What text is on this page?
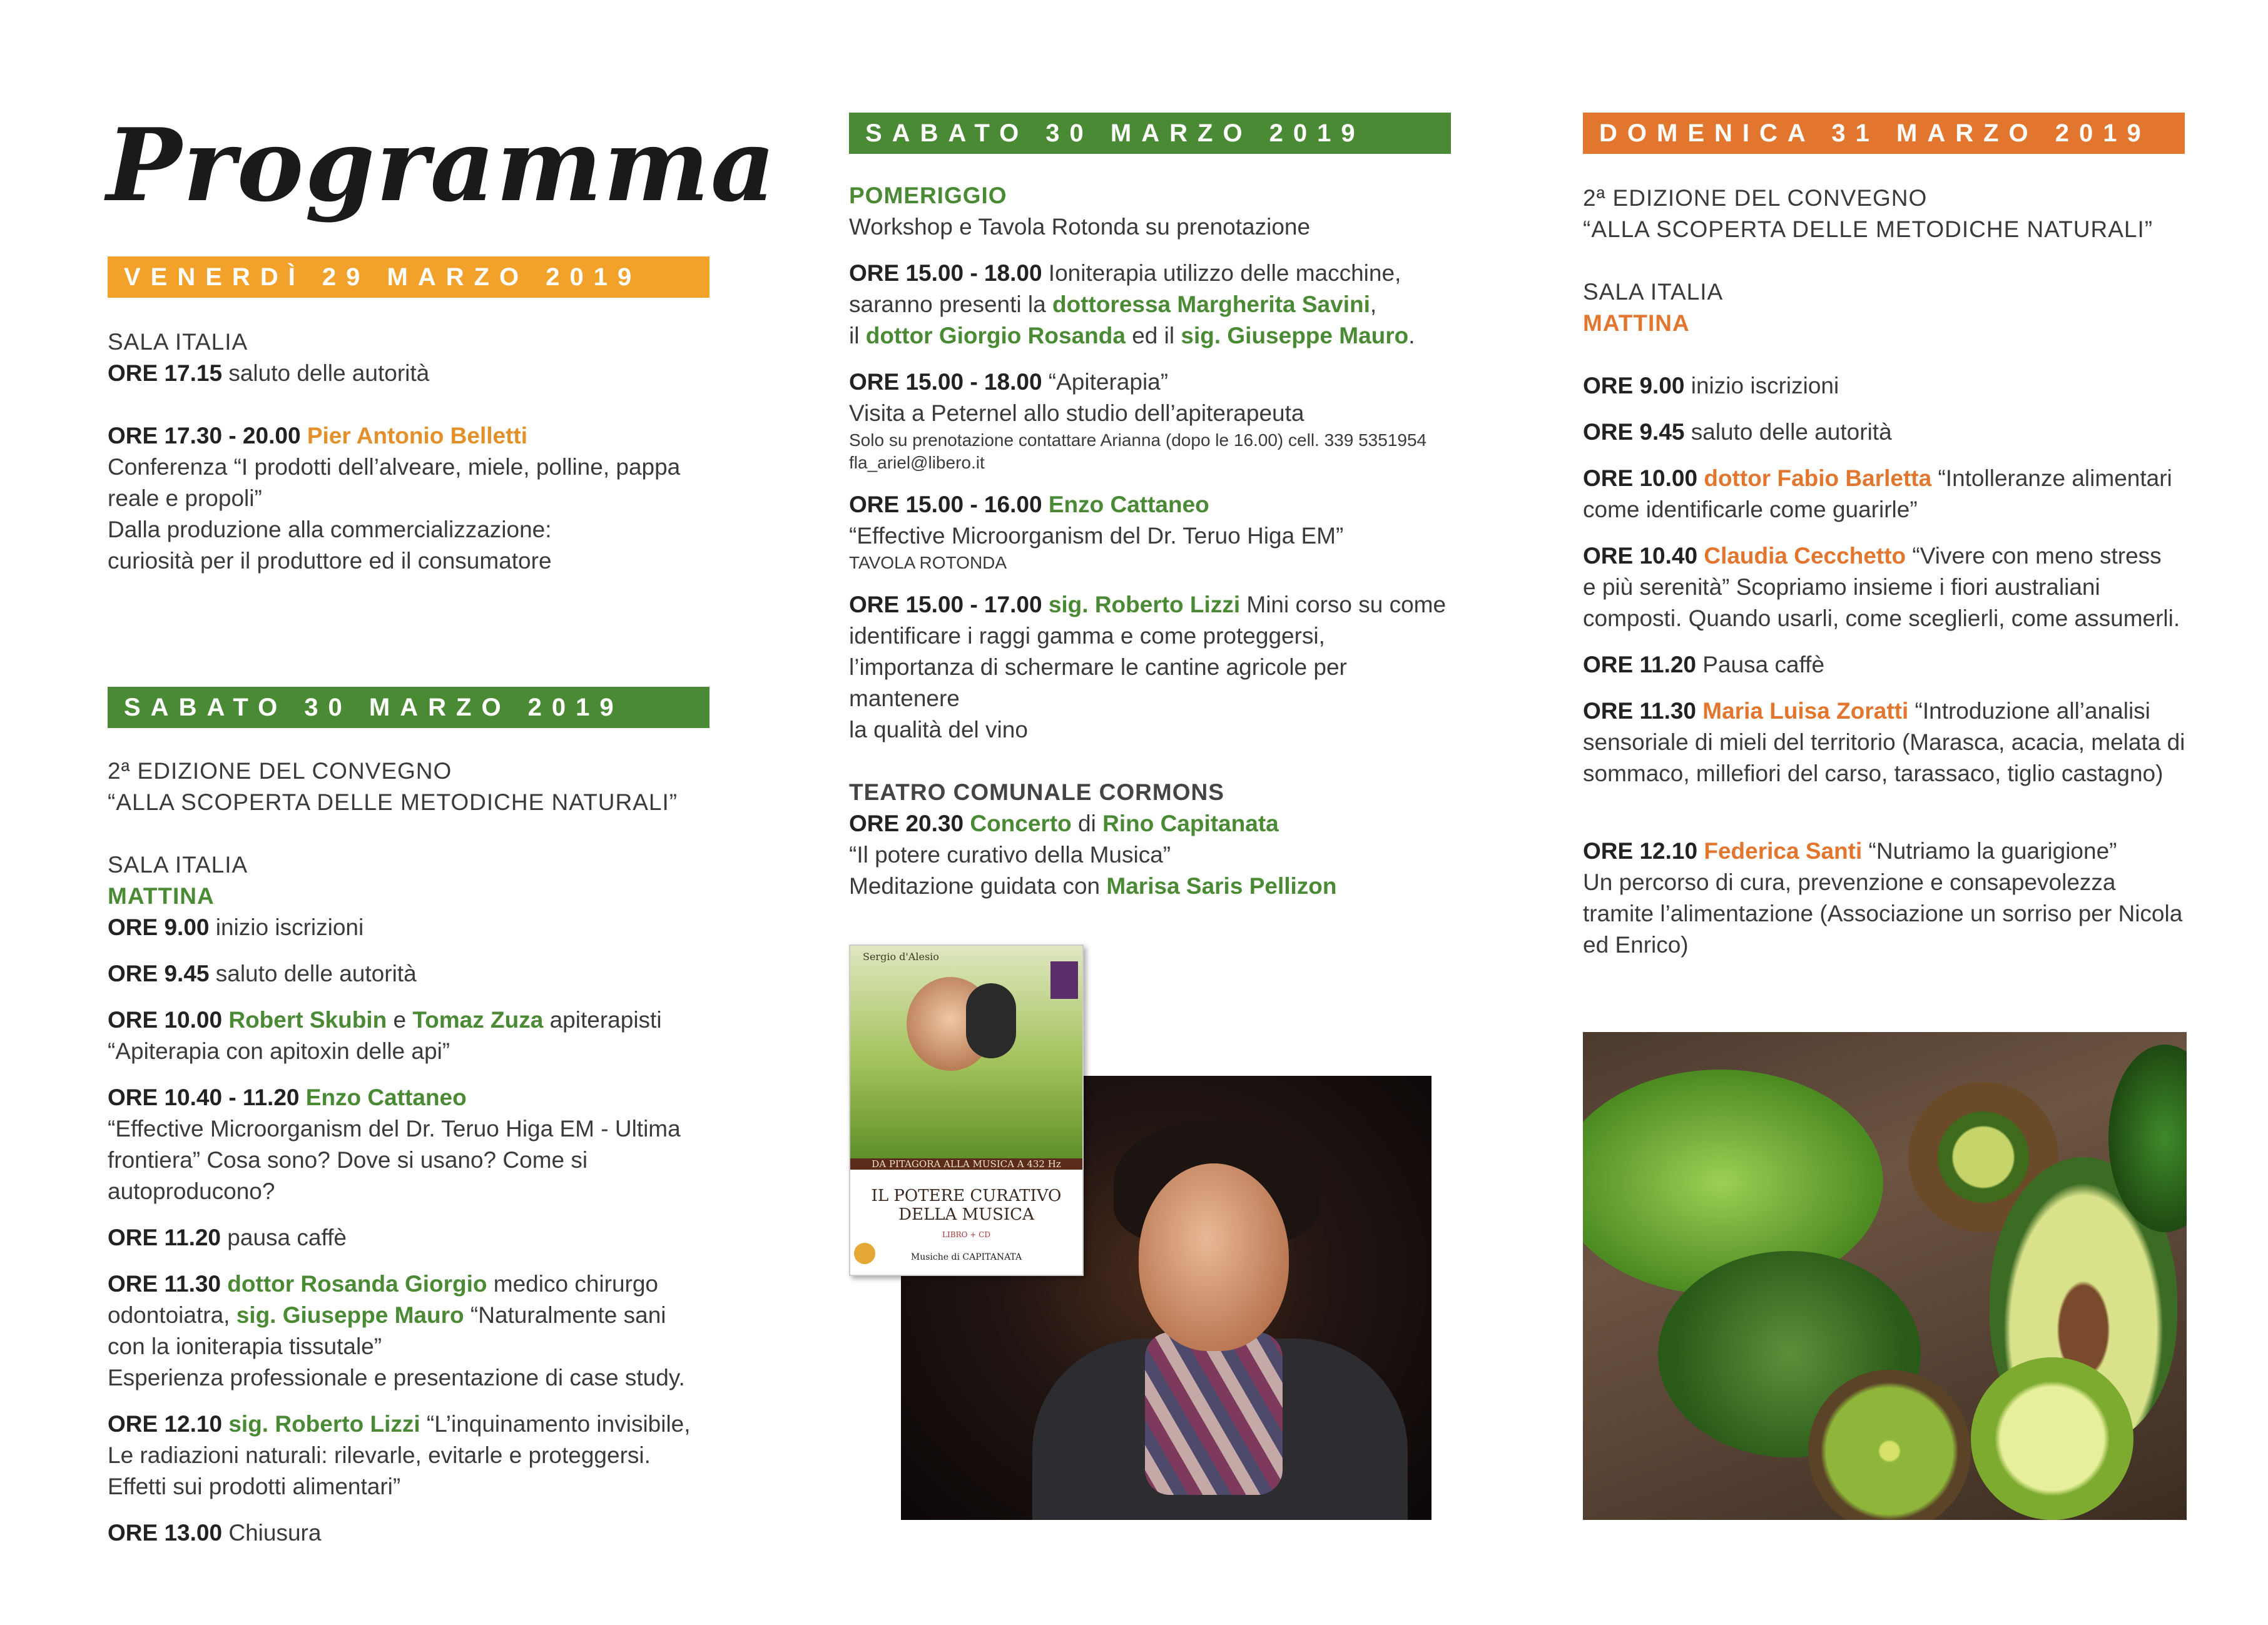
Programma
VENERDÌ 29 MARZO 2019
SALA ITALIA
ORE 17.15 saluto delle autorità
ORE 17.30 - 20.00 Pier Antonio Belletti
Conferenza “I prodotti dell’alveare, miele, polline, pappa
reale e propoli”
Dalla produzione alla commercializzazione:
curiosità per il produttore ed il consumatore
SABATO 30 MARZO 2019
2ª EDIZIONE DEL CONVEGNO
“ALLA SCOPERTA DELLE METODICHE NATURALI”
SALA ITALIA
MATTINA
ORE 9.00 inizio iscrizioni
ORE 9.45 saluto delle autorità
ORE 10.00 Robert Skubin e Tomaz Zuza apiterapisti
“Apiterapia con apitoxin delle api”
ORE 10.40 - 11.20 Enzo Cattaneo
“Effective Microorganism del Dr. Teruo Higa EM - Ultima
frontiera” Cosa sono? Dove si usano? Come si autoproducono?
ORE 11.20 pausa caffè
ORE 11.30 dottor Rosanda Giorgio medico chirurgo
odontoiatra, sig. Giuseppe Mauro “Naturalmente sani
con la ioniterapia tissutale”
Esperienza professionale e presentazione di case study.
ORE 12.10 sig. Roberto Lizzi “L’inquinamento invisibile,
Le radiazioni naturali: rilevarle, evitarle e proteggersi.
Effetti sui prodotti alimentari”
ORE 13.00 Chiusura
SABATO 30 MARZO 2019
POMERIGGIO
Workshop e Tavola Rotonda su prenotazione
ORE 15.00 - 18.00 Ioniterapia utilizzo delle macchine,
saranno presenti la dottoressa Margherita Savini,
il dottor Giorgio Rosanda ed il sig. Giuseppe Mauro.
ORE 15.00 - 18.00 “Apiterapia”
Visita a Peternel allo studio dell’apiterapeuta
Solo su prenotazione contattare Arianna (dopo le 16.00) cell. 339 5351954
fla_ariel@libero.it
ORE 15.00 - 16.00 Enzo Cattaneo
“Effective Microorganism del Dr. Teruo Higa EM”
TAVOLA ROTONDA
ORE 15.00 - 17.00 sig. Roberto Lizzi Mini corso su come
identificare i raggi gamma e come proteggersi,
l’importanza di schermare le cantine agricole per mantenere
la qualità del vino
TEATRO COMUNALE CORMONS
ORE 20.30 Concerto di Rino Capitanata
“Il potere curativo della Musica”
Meditazione guidata con Marisa Saris Pellizon
Sergio d'Alesio
DA PITAGORA ALLA MUSICA A 432 Hz
IL POTERE CURATIVO DELLA MUSICA
LIBRO + CD
Musiche di CAPITANATA
DOMENICA 31 MARZO 2019
2ª EDIZIONE DEL CONVEGNO
“ALLA SCOPERTA DELLE METODICHE NATURALI”
SALA ITALIA
MATTINA
ORE 9.00 inizio iscrizioni
ORE 9.45 saluto delle autorità
ORE 10.00 dottor Fabio Barletta “Intolleranze alimentari
come identificarle come guarirle”
ORE 10.40 Claudia Cecchetto “Vivere con meno stress
e più serenità” Scopriamo insieme i fiori australiani
composti. Quando usarli, come sceglierli, come assumerli.
ORE 11.20 Pausa caffè
ORE 11.30 Maria Luisa Zoratti “Introduzione all’analisi
sensoriale di mieli del territorio (Marasca, acacia, melata di
sommaco, millefiori del carso, tarassaco, tiglio castagno)
ORE 12.10 Federica Santi “Nutriamo la guarigione”
Un percorso di cura, prevenzione e consapevolezza
tramite l’alimentazione (Associazione un sorriso per Nicola
ed Enrico)
